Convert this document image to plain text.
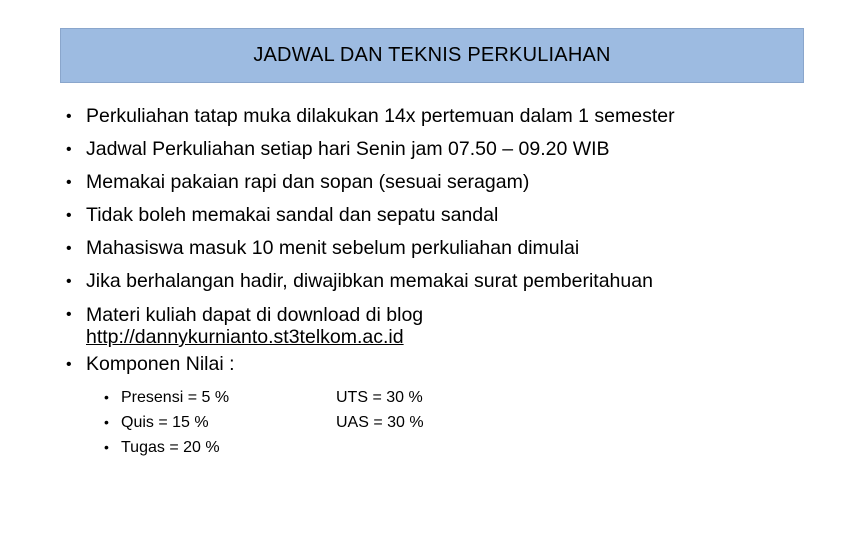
JADWAL DAN TEKNIS PERKULIAHAN
• Perkuliahan tatap muka dilakukan 14x pertemuan dalam 1 semester
• Jadwal Perkuliahan setiap hari Senin jam 07.50 – 09.20 WIB
• Memakai pakaian rapi dan sopan (sesuai seragam)
• Tidak boleh memakai sandal dan sepatu sandal
• Mahasiswa masuk 10 menit sebelum perkuliahan dimulai
• Jika berhalangan hadir, diwajibkan memakai surat pemberitahuan
• Materi kuliah dapat di download di blog
http://dannykurnianto.st3telkom.ac.id
• Komponen Nilai :
• Presensi = 5 %	UTS = 30 %
• Quis = 15 %	UAS = 30 %
• Tugas = 20 %
